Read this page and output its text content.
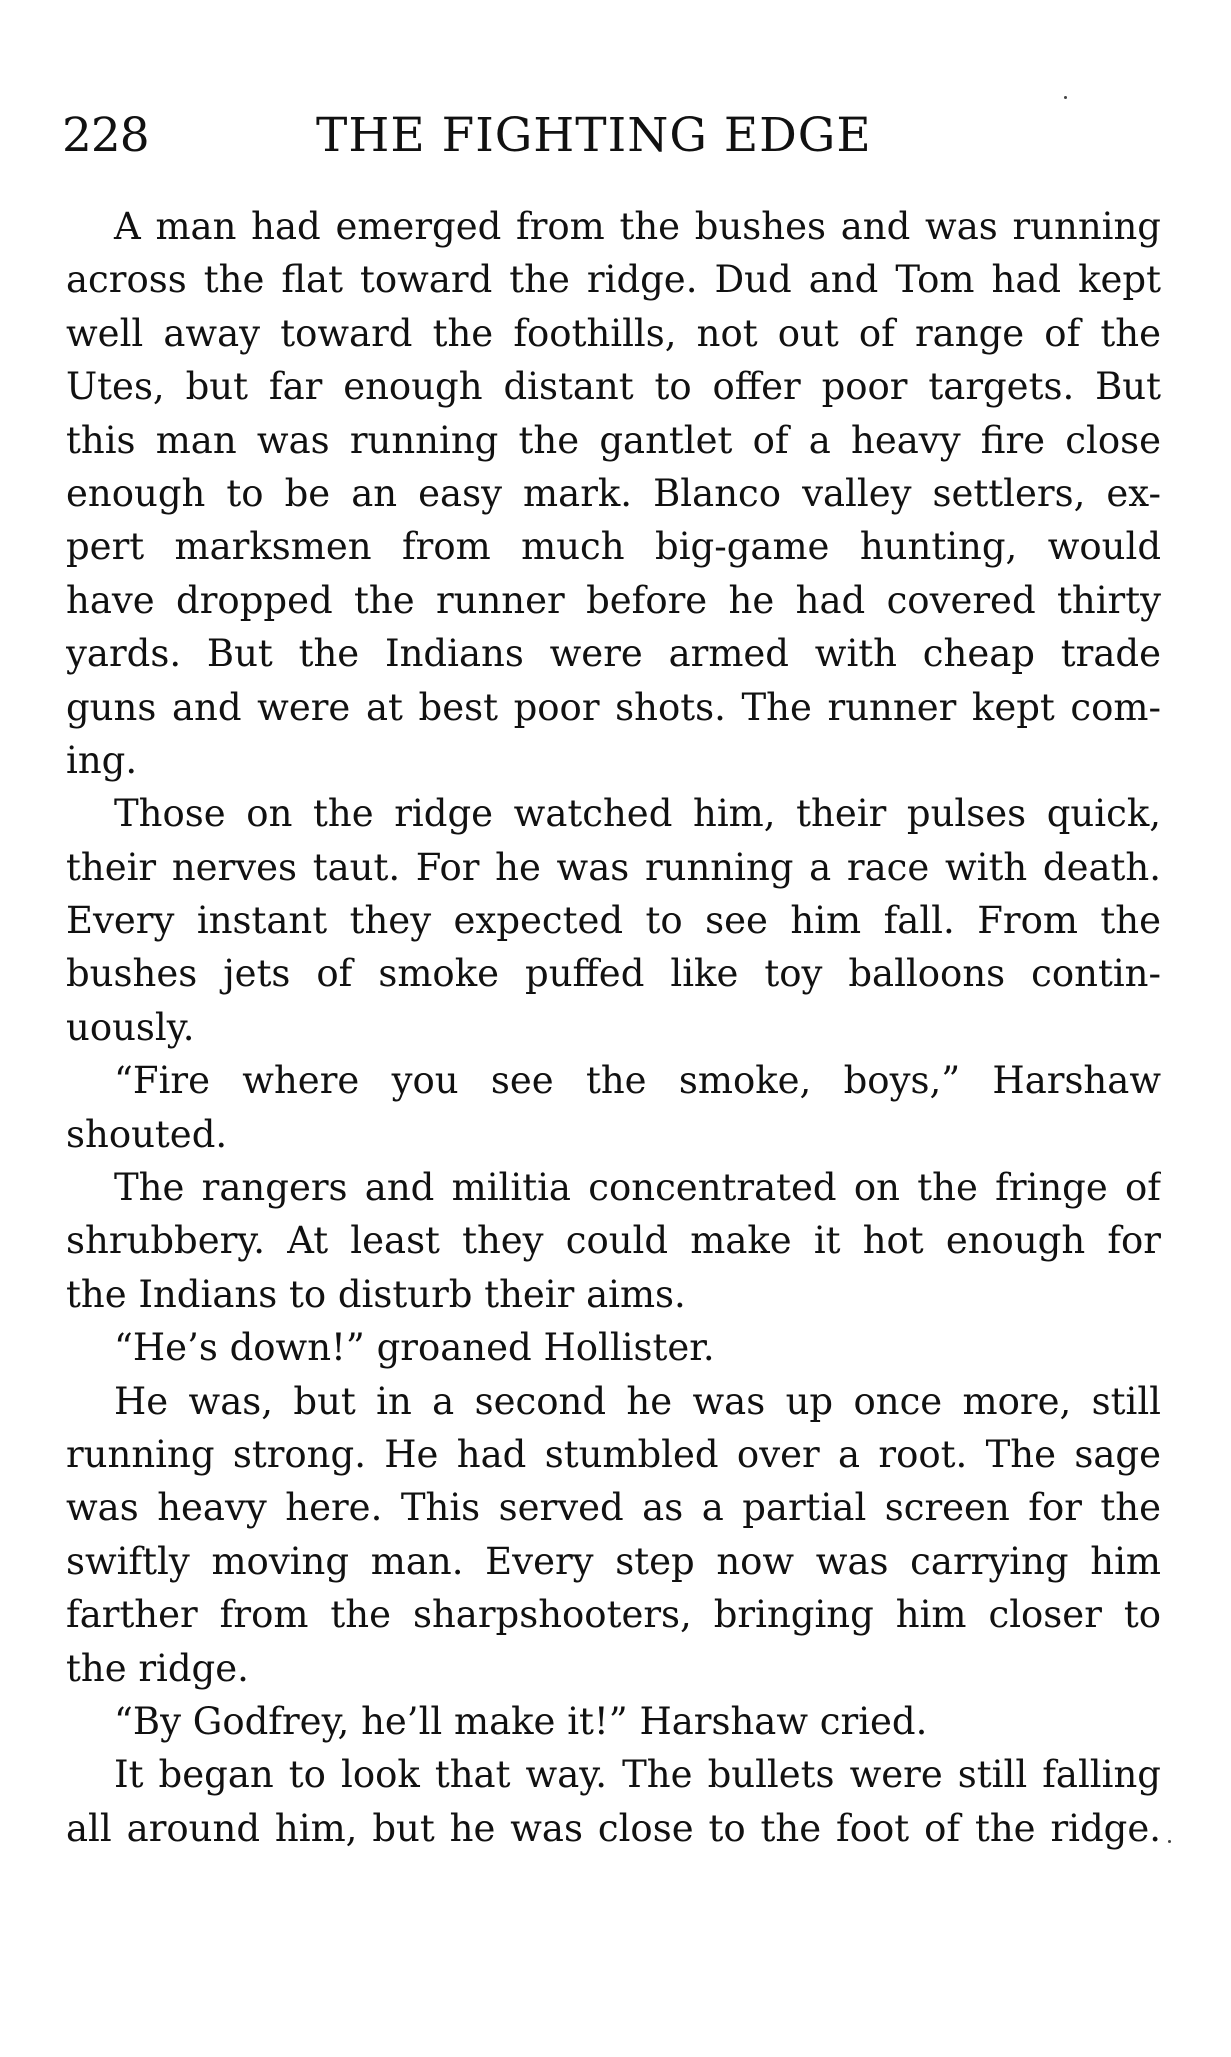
228	THE FIGHTING EDGE
A man had emerged from the bushes and was running
across the flat toward the ridge. Dud and Tom had kept
well away toward the foothills, not out of range of the
Utes, but far enough distant to offer poor targets. But
this man was running the gantlet of a heavy fire close
enough to be an easy mark. Blanco valley settlers, ex-
pert marksmen from much big-game hunting, would
have dropped the runner before he had covered thirty
yards. But the Indians were armed with cheap trade
guns and were at best poor shots. The runner kept com-
ing.
Those on the ridge watched him, their pulses quick,
their nerves taut. For he was running a race with death.
Every instant they expected to see him fall. From the
bushes jets of smoke puffed like toy balloons contin-
uously.
“Fire where you see the smoke, boys,” Harshaw
shouted.
The rangers and militia concentrated on the fringe of
shrubbery. At least they could make it hot enough for
the Indians to disturb their aims.
“He’s down!” groaned Hollister.
He was, but in a second he was up once more, still
running strong. He had stumbled over a root. The sage
was heavy here. This served as a partial screen for the
swiftly moving man. Every step now was carrying him
farther from the sharpshooters, bringing him closer to
the ridge.
“By Godfrey, he’ll make it!” Harshaw cried.
It began to look that way. The bullets were still falling
all around him, but he was close to the foot of the ridge.
